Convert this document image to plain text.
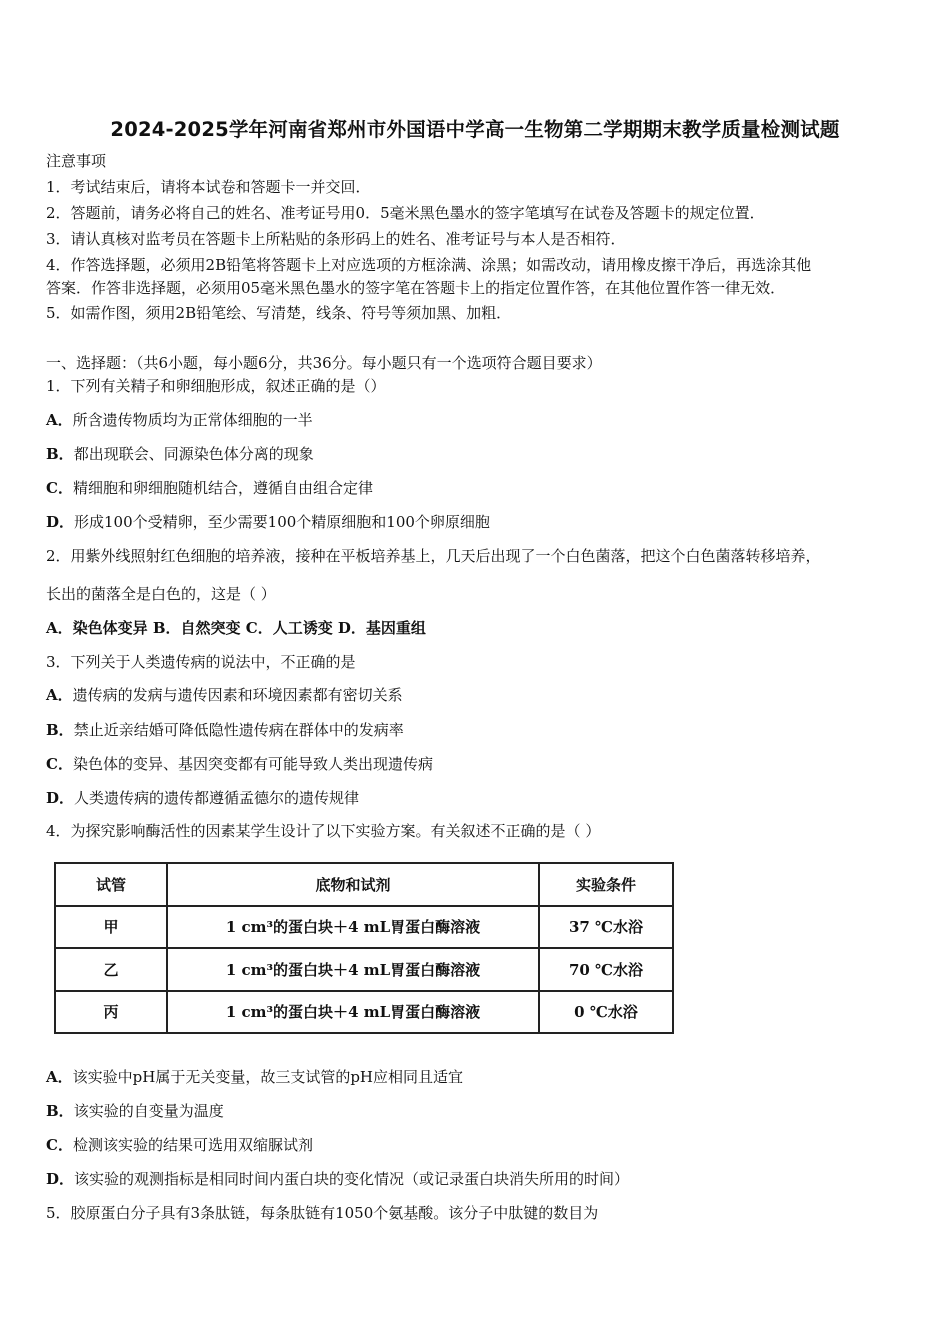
2024-2025学年河南省郑州市外国语中学高一生物第二学期期末教学质量检测试题
注意事项
1．考试结束后，请将本试卷和答题卡一并交回．
2．答题前，请务必将自己的姓名、准考证号用0．5毫米黑色墨水的签字笔填写在试卷及答题卡的规定位置．
3．请认真核对监考员在答题卡上所粘贴的条形码上的姓名、准考证号与本人是否相符．
4．作答选择题，必须用2B铅笔将答题卡上对应选项的方框涂满、涂黑；如需改动，请用橡皮擦干净后，再选涂其他
答案．作答非选择题，必须用05毫米黑色墨水的签字笔在答题卡上的指定位置作答，在其他位置作答一律无效．
5．如需作图，须用2B铅笔绘、写清楚，线条、符号等须加黑、加粗．
一、选择题：（共6小题，每小题6分，共36分。每小题只有一个选项符合题目要求）
1．下列有关精子和卵细胞形成，叙述正确的是（）
A．所含遗传物质均为正常体细胞的一半
B．都出现联会、同源染色体分离的现象
C．精细胞和卵细胞随机结合，遵循自由组合定律
D．形成100个受精卵，至少需要100个精原细胞和100个卵原细胞
2．用紫外线照射红色细胞的培养液，接种在平板培养基上，几天后出现了一个白色菌落，把这个白色菌落转移培养，
长出的菌落全是白色的，这是（ ）
A．染色体变异 B．自然突变 C．人工诱变 D．基因重组
3．下列关于人类遗传病的说法中，不正确的是
A．遗传病的发病与遗传因素和环境因素都有密切关系
B．禁止近亲结婚可降低隐性遗传病在群体中的发病率
C．染色体的变异、基因突变都有可能导致人类出现遗传病
D．人类遗传病的遗传都遵循孟德尔的遗传规律
4．为探究影响酶活性的因素某学生设计了以下实验方案。有关叙述不正确的是（ ）
试管	底物和试剂	实验条件
甲	1 cm³的蛋白块＋4 mL胃蛋白酶溶液	37 ℃水浴
乙	1 cm³的蛋白块＋4 mL胃蛋白酶溶液	70 ℃水浴
丙	1 cm³的蛋白块＋4 mL胃蛋白酶溶液	0 ℃水浴
A．该实验中pH属于无关变量，故三支试管的pH应相同且适宜
B．该实验的自变量为温度
C．检测该实验的结果可选用双缩脲试剂
D．该实验的观测指标是相同时间内蛋白块的变化情况（或记录蛋白块消失所用的时间）
5．胶原蛋白分子具有3条肽链，每条肽链有1050个氨基酸。该分子中肽键的数目为
